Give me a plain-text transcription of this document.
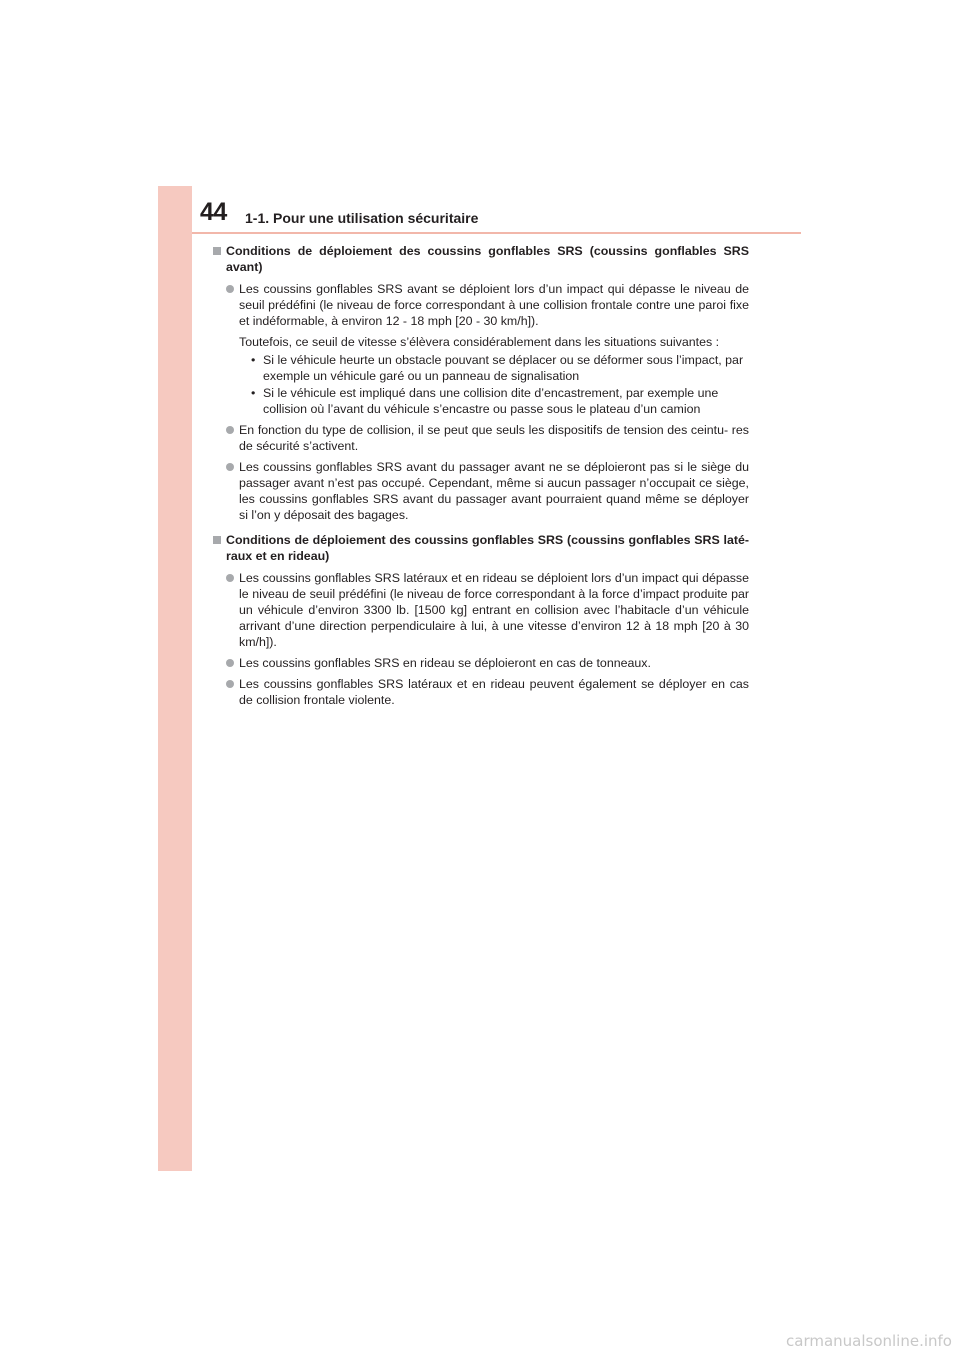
44 1-1. Pour une utilisation sécuritaire
Conditions de déploiement des coussins gonflables SRS (coussins gonflables SRS avant)
Les coussins gonflables SRS avant se déploient lors d’un impact qui dépasse le niveau de seuil prédéfini (le niveau de force correspondant à une collision frontale contre une paroi fixe et indéformable, à environ 12 - 18 mph [20 - 30 km/h]).
Toutefois, ce seuil de vitesse s’élèvera considérablement dans les situations suivantes :
• Si le véhicule heurte un obstacle pouvant se déplacer ou se déformer sous l’impact, par exemple un véhicule garé ou un panneau de signalisation
• Si le véhicule est impliqué dans une collision dite d’encastrement, par exemple une collision où l’avant du véhicule s’encastre ou passe sous le plateau d’un camion
En fonction du type de collision, il se peut que seuls les dispositifs de tension des ceintu- res de sécurité s’activent.
Les coussins gonflables SRS avant du passager avant ne se déploieront pas si le siège du passager avant n’est pas occupé. Cependant, même si aucun passager n’occupait ce siège, les coussins gonflables SRS avant du passager avant pourraient quand même se déployer si l’on y déposait des bagages.
Conditions de déploiement des coussins gonflables SRS (coussins gonflables SRS laté- raux et en rideau)
Les coussins gonflables SRS latéraux et en rideau se déploient lors d’un impact qui dépasse le niveau de seuil prédéfini (le niveau de force correspondant à la force d’impact produite par un véhicule d’environ 3300 lb. [1500 kg] entrant en collision avec l’habitacle d’un véhicule arrivant d’une direction perpendiculaire à lui, à une vitesse d’environ 12 à 18 mph [20 à 30 km/h]).
Les coussins gonflables SRS en rideau se déploieront en cas de tonneaux.
Les coussins gonflables SRS latéraux et en rideau peuvent également se déployer en cas de collision frontale violente.
carmanualsonline.info
